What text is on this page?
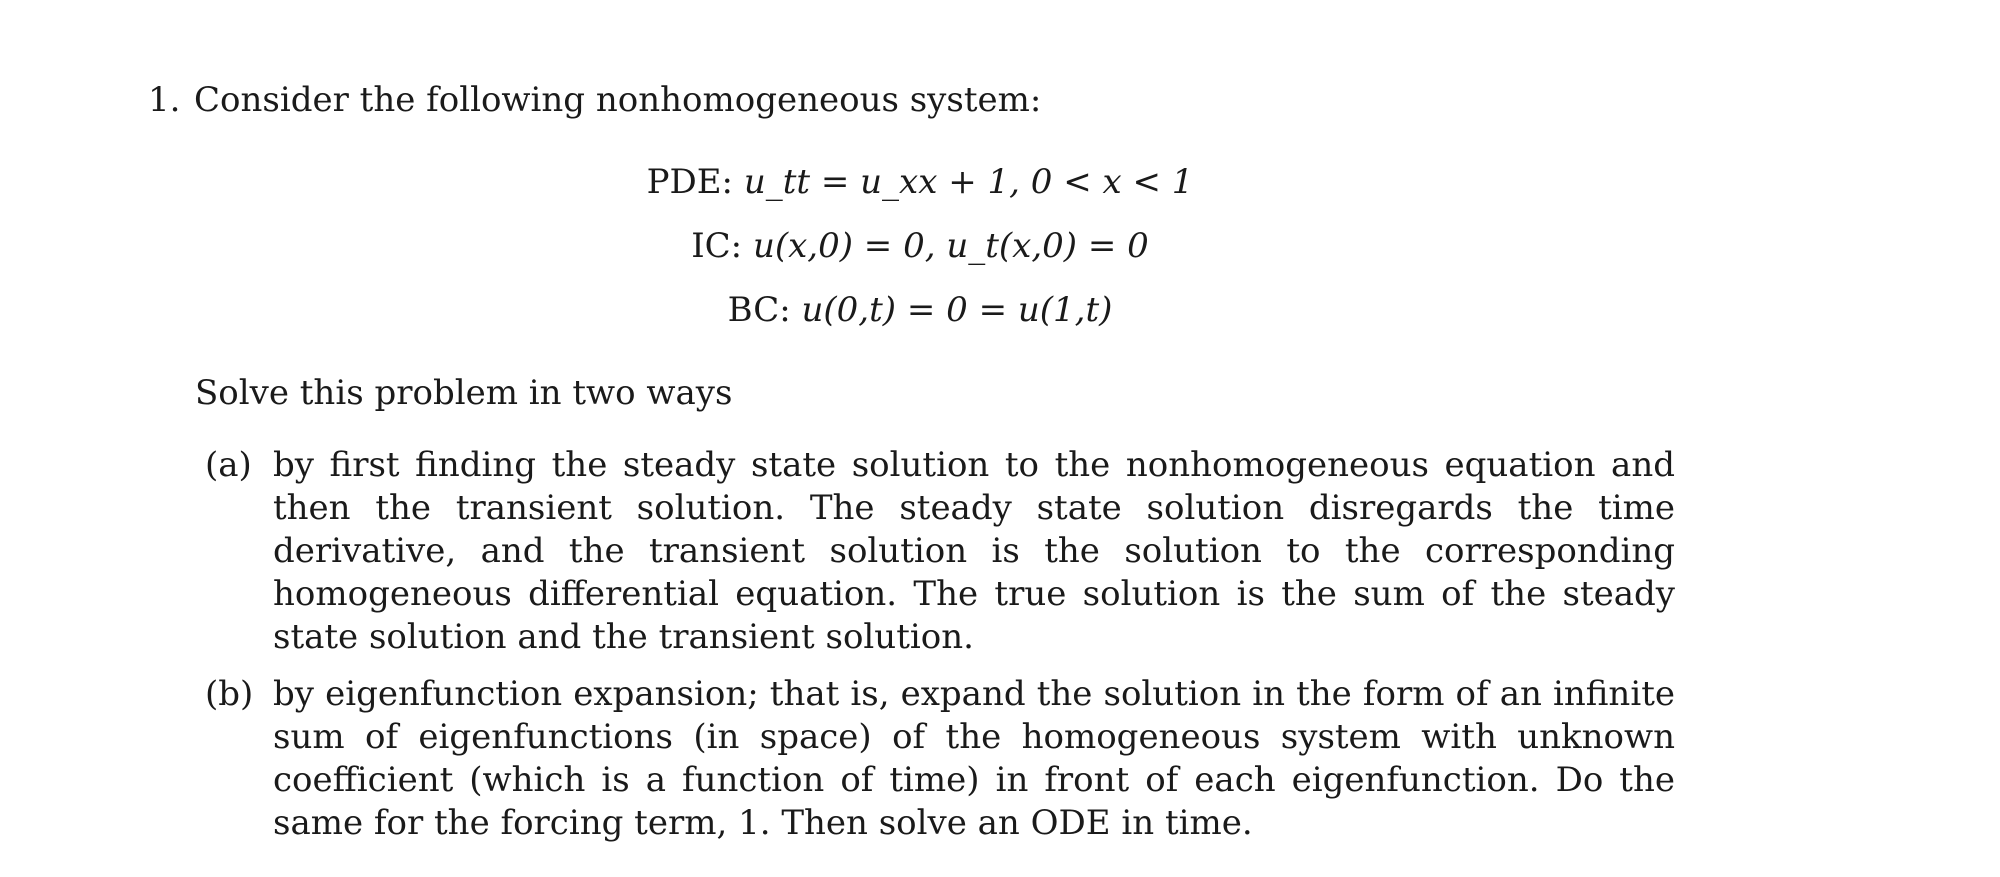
1. Consider the following nonhomogeneous system:
PDE: u_tt = u_xx + 1, 0 < x < 1
IC: u(x,0) = 0, u_t(x,0) = 0
BC: u(0,t) = 0 = u(1,t)
Solve this problem in two ways
(a) by first finding the steady state solution to the nonhomogeneous equation and then the transient solution. The steady state solution disregards the time derivative, and the transient solution is the solution to the corresponding homogeneous differential equation. The true solution is the sum of the steady state solution and the transient solution.
(b) by eigenfunction expansion; that is, expand the solution in the form of an infinite sum of eigenfunctions (in space) of the homogeneous system with unknown coefficient (which is a function of time) in front of each eigenfunction. Do the same for the forcing term, 1. Then solve an ODE in time.
